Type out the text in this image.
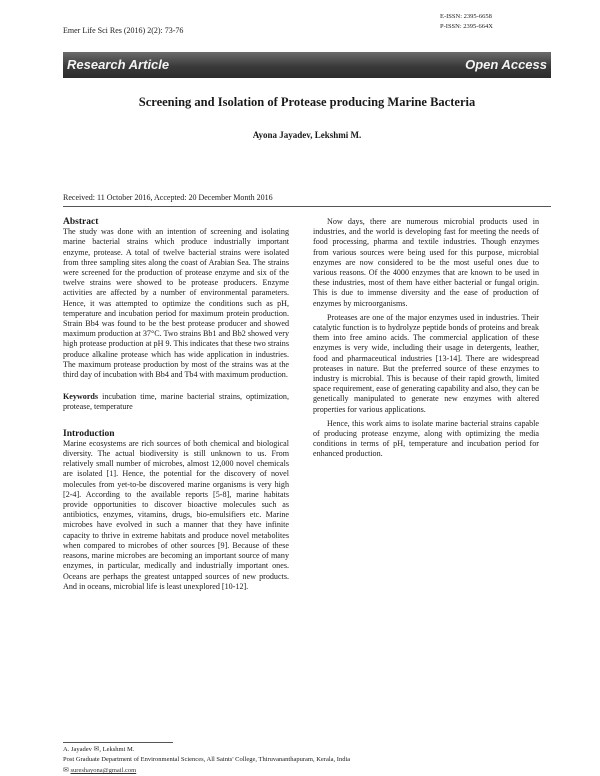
Emer Life Sci Res (2016) 2(2): 73-76
E-ISSN: 2395-6658
P-ISSN: 2395-664X
Research Article	Open Access
Screening and Isolation of Protease producing Marine Bacteria
Ayona Jayadev, Lekshmi M.
Received: 11 October 2016, Accepted: 20 December Month 2016

Abstract

The study was done with an intention of screening and isolating marine bacterial strains which produce industrially important enzyme, protease. A total of twelve bacterial strains were isolated from three sampling sites along the coast of Arabian Sea. The strains were screened for the production of protease enzyme and six of the twelve strains were showed to be protease producers. Enzyme activities are affected by a number of environmental parameters. Hence, it was attempted to optimize the conditions such as pH, temperature and incubation period for maximum protein production. Strain Bb4 was found to be the best protease producer and showed maximum production at 37°C. Two strains Bb1 and Bb2 showed very high protease production at pH 9. This indicates that these two strains produce alkaline protease which has wide application in industries. The maximum protease production by most of the strains was at the third day of incubation with Bb4 and Tb4 with maximum production.

Keywords incubation time, marine bacterial strains, optimization, protease, temperature

Introduction

Marine ecosystems are rich sources of both chemical and biological diversity. The actual biodiversity is still unknown to us. From relatively small number of microbes, almost 12,000 novel chemicals are isolated [1]. Hence, the potential for the discovery of novel molecules from yet-to-be discovered marine organisms is very high [2-4]. According to the available reports [5-8], marine habitats provide opportunities to discover bioactive molecules such as antibiotics, enzymes, vitamins, drugs, bio-emulsifiers etc. Marine microbes have evolved in such a manner that they have infinite capacity to thrive in extreme habitats and produce novel metabolites when compared to microbes of other sources [9]. Because of these reasons, marine microbes are becoming an important source of many enzymes, in particular, medically and industrially important ones. Oceans are perhaps the greatest untapped sources of new products. And in oceans, microbial life is least unexplored [10-12].

Now days, there are numerous microbial products used in industries, and the world is developing fast for meeting the needs of food processing, pharma and textile industries. Though enzymes from various sources were being used for this purpose, microbial enzymes are now considered to be the most useful ones due to various reasons. Of the 4000 enzymes that are known to be used in these industries, most of them have either bacterial or fungal origin. This is due to immense diversity and the ease of production of enzymes by microorganisms.

Proteases are one of the major enzymes used in industries. Their catalytic function is to hydrolyze peptide bonds of proteins and break them into free amino acids. The commercial application of these enzymes is very wide, including their usage in detergents, leather, food and pharmaceutical industries [13-14]. There are widespread proteases in nature. But the preferred source of these enzymes to industry is microbial. This is because of their rapid growth, limited space requirement, ease of generating capability and also, they can be genetically manipulated to generate new enzymes with altered properties for various applications.

Hence, this work aims to isolate marine bacterial strains capable of producing protease enzyme, along with optimizing the media conditions in terms of pH, temperature and incubation period for enhanced production.

A. Jayadev ✉, Lekshmi M.
Post Graduate Department of Environmental Sciences, All Saints' College, Thiruvananthapuram, Kerala, India
✉ sureshayona@gmail.com
